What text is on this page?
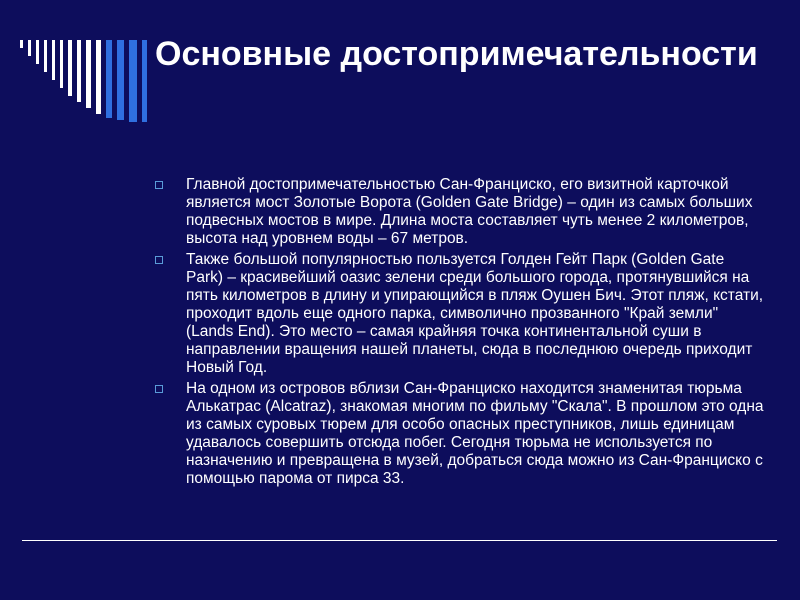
Основные достопримечательности
Главной достопримечательностью Сан-Франциско, его визитной карточкой является мост Золотые Ворота (Golden Gate Bridge) – один из самых больших подвесных мостов в мире. Длина моста составляет чуть менее 2 километров, высота над уровнем воды – 67 метров.
Также большой популярностью пользуется Голден Гейт Парк (Golden Gate Park) – красивейший оазис зелени среди большого города, протянувшийся на пять километров в длину и упирающийся в пляж Оушен Бич. Этот пляж, кстати, проходит вдоль еще одного парка, символично прозванного "Край земли" (Lands End). Это место – самая крайняя точка континентальной суши в направлении вращения нашей планеты, сюда в последнюю очередь приходит Новый Год.
На одном из островов вблизи Сан-Франциско находится знаменитая тюрьма Алькатрас (Alcatraz), знакомая многим по фильму "Скала". В прошлом это одна из самых суровых тюрем для особо опасных преступников, лишь единицам удавалось совершить отсюда побег. Сегодня тюрьма не используется по назначению и превращена в музей, добраться сюда можно из Сан-Франциско с помощью парома от пирса 33.
